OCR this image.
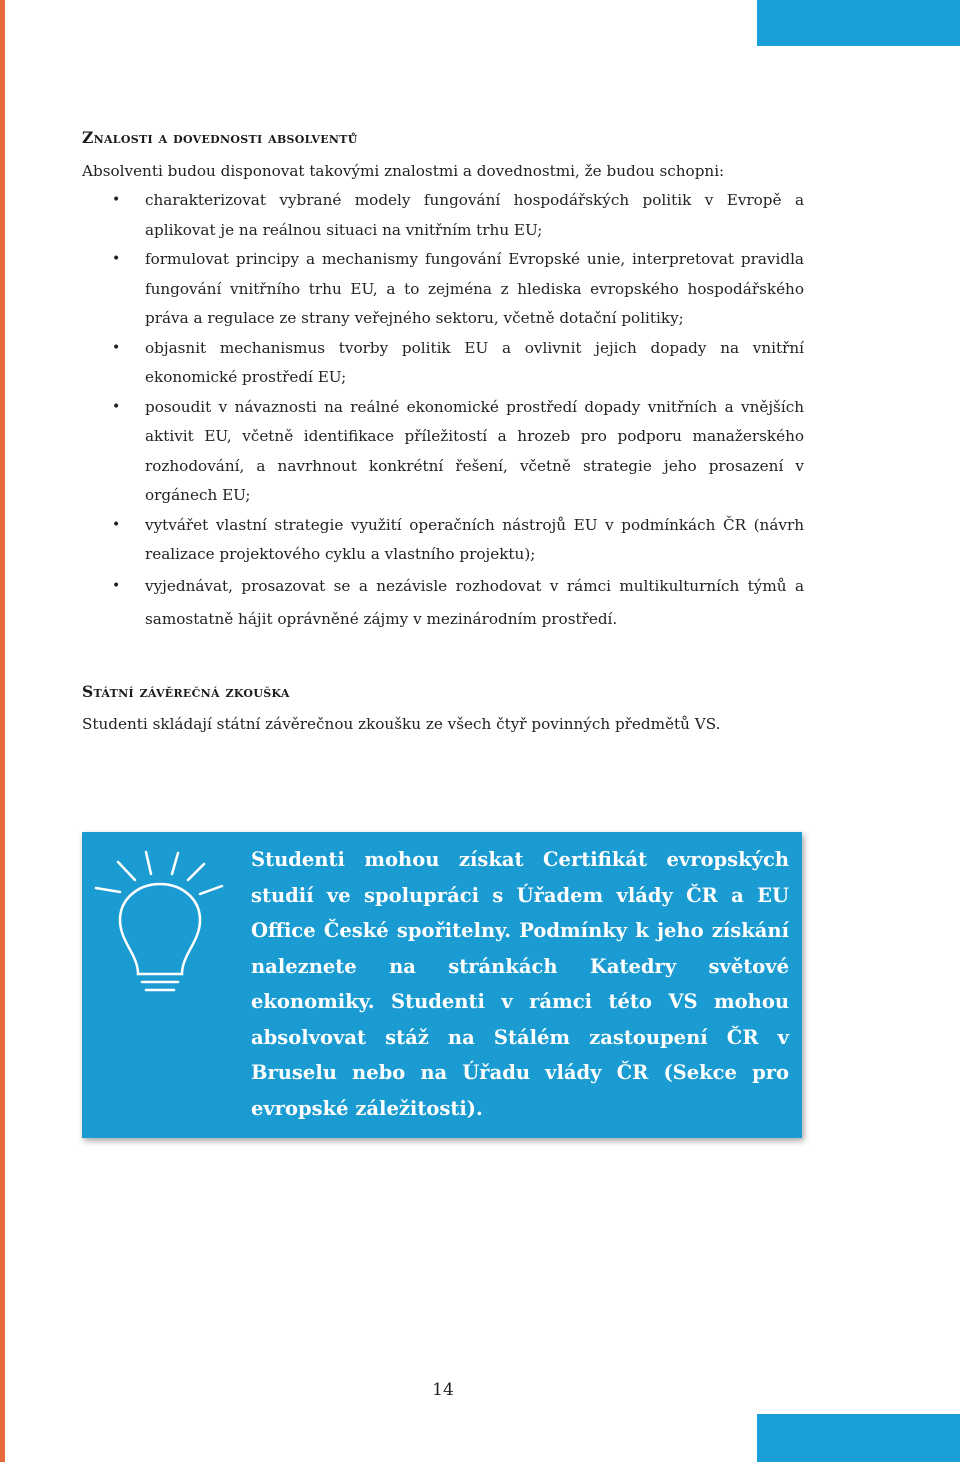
Znalosti a dovednosti absolventů

Absolventi budou disponovat takovými znalostmi a dovednostmi, že budou schopni:

• charakterizovat vybrané modely fungování hospodářských politik v Evropě a aplikovat je na reálnou situaci na vnitřním trhu EU;
• formulovat principy a mechanismy fungování Evropské unie, interpretovat pravidla fungování vnitřního trhu EU, a to zejména z hlediska evropského hospodářského práva a regulace ze strany veřejného sektoru, včetně dotační politiky;
• objasnit mechanismus tvorby politik EU a ovlivnit jejich dopady na vnitřní ekonomické prostředí EU;
• posoudit v návaznosti na reálné ekonomické prostředí dopady vnitřních a vnějších aktivit EU, včetně identifikace příležitostí a hrozeb pro podporu manažerského rozhodování, a navrhnout konkrétní řešení, včetně strategie jeho prosazení v orgánech EU;
• vytvářet vlastní strategie využití operačních nástrojů EU v podmínkách ČR (návrh realizace projektového cyklu a vlastního projektu);
• vyjednávat, prosazovat se a nezávisle rozhodovat v rámci multikulturních týmů a samostatně hájit oprávněné zájmy v mezinárodním prostředí.
Státní závěrečná zkouška

Studenti skládají státní závěrečnou zkoušku ze všech čtyř povinných předmětů VS.

Studenti mohou získat Certifikát evropských studií ve spolupráci s Úřadem vlády ČR a EU Office České spořitelny. Podmínky k jeho získání naleznete na stránkách Katedry světové ekonomiky. Studenti v rámci této VS mohou absolvovat stáž na Stálém zastoupení ČR v Bruselu nebo na Úřadu vlády ČR (Sekce pro evropské záležitosti).

14
